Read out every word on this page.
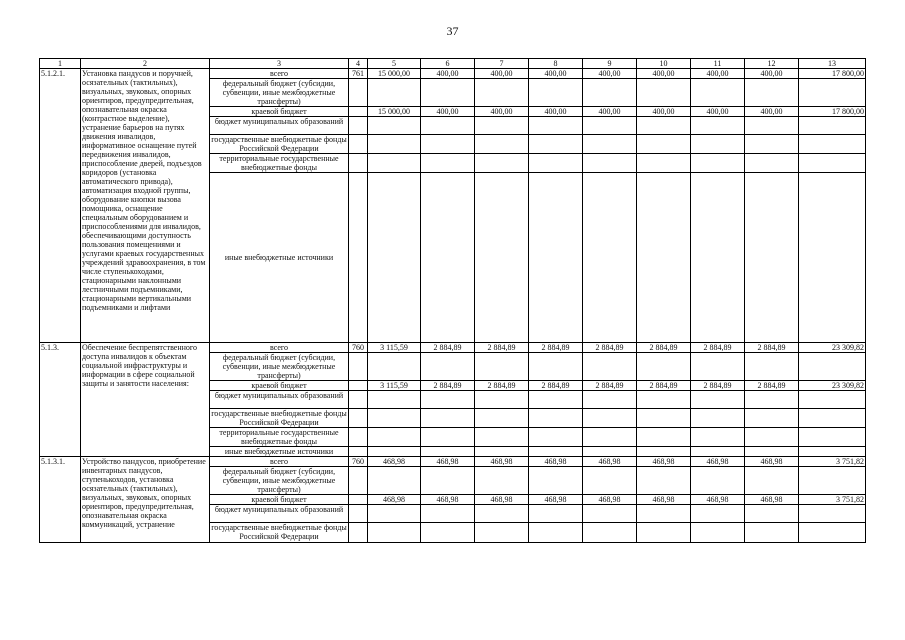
37
1	2	3	4	5	6	7	8	9	10	11	12	13
5.1.2.1.	Установка пандусов и поручней, осязательных (тактильных), визуальных, звуковых, опорных ориентиров, предупредительная, опознавательная окраска (контрастное выделение), устранение барьеров на путях движения инвалидов, информативное оснащение путей передвижения инвалидов, приспособление дверей, подъездов коридоров (установка автоматического привода), автоматизация входной группы, оборудование кнопки вызова помощника, оснащение специальным оборудованием и приспособлениями для инвалидов, обеспечивающими доступность пользования помещениями и услугами краевых государственных учреждений здравоохранения, в том числе ступенькоходами, стационарными наклонными лестничными подъемниками, стационарными вертикальными подъемниками и лифтами	всего	761	15 000,00	400,00	400,00	400,00	400,00	400,00	400,00	400,00	17 800,00
		федеральный бюджет (субсидии, субвенции, иные межбюджетные трансферты)										
		краевой бюджет		15 000,00	400,00	400,00	400,00	400,00	400,00	400,00	400,00	17 800,00
		бюджет муниципальных образований										
		государственные внебюджетные фонды Российской Федерации										
		территориальные государственные внебюджетные фонды										
		иные внебюджетные источники										
5.1.3.	Обеспечение беспрепятственного доступа инвалидов к объектам социальной инфраструктуры и информации в сфере социальной защиты и занятости населения:	всего	760	3 115,59	2 884,89	2 884,89	2 884,89	2 884,89	2 884,89	2 884,89	2 884,89	23 309,82
		федеральный бюджет (субсидии, субвенции, иные межбюджетные трансферты)										
		краевой бюджет		3 115,59	2 884,89	2 884,89	2 884,89	2 884,89	2 884,89	2 884,89	2 884,89	23 309,82
		бюджет муниципальных образований										
		государственные внебюджетные фонды Российской Федерации										
		территориальные государственные внебюджетные фонды										
		иные внебюджетные источники										
5.1.3.1.	Устройство пандусов, приобретение инвентарных пандусов, ступенькоходов, установка осязательных (тактильных), визуальных, звуковых, опорных ориентиров, предупредительная, опознавательная окраска коммуникаций, устранение	всего	760	468,98	468,98	468,98	468,98	468,98	468,98	468,98	468,98	3 751,82
		федеральный бюджет (субсидии, субвенции, иные межбюджетные трансферты)										
		краевой бюджет		468,98	468,98	468,98	468,98	468,98	468,98	468,98	468,98	3 751,82
		бюджет муниципальных образований										
		государственные внебюджетные фонды Российской Федерации										
